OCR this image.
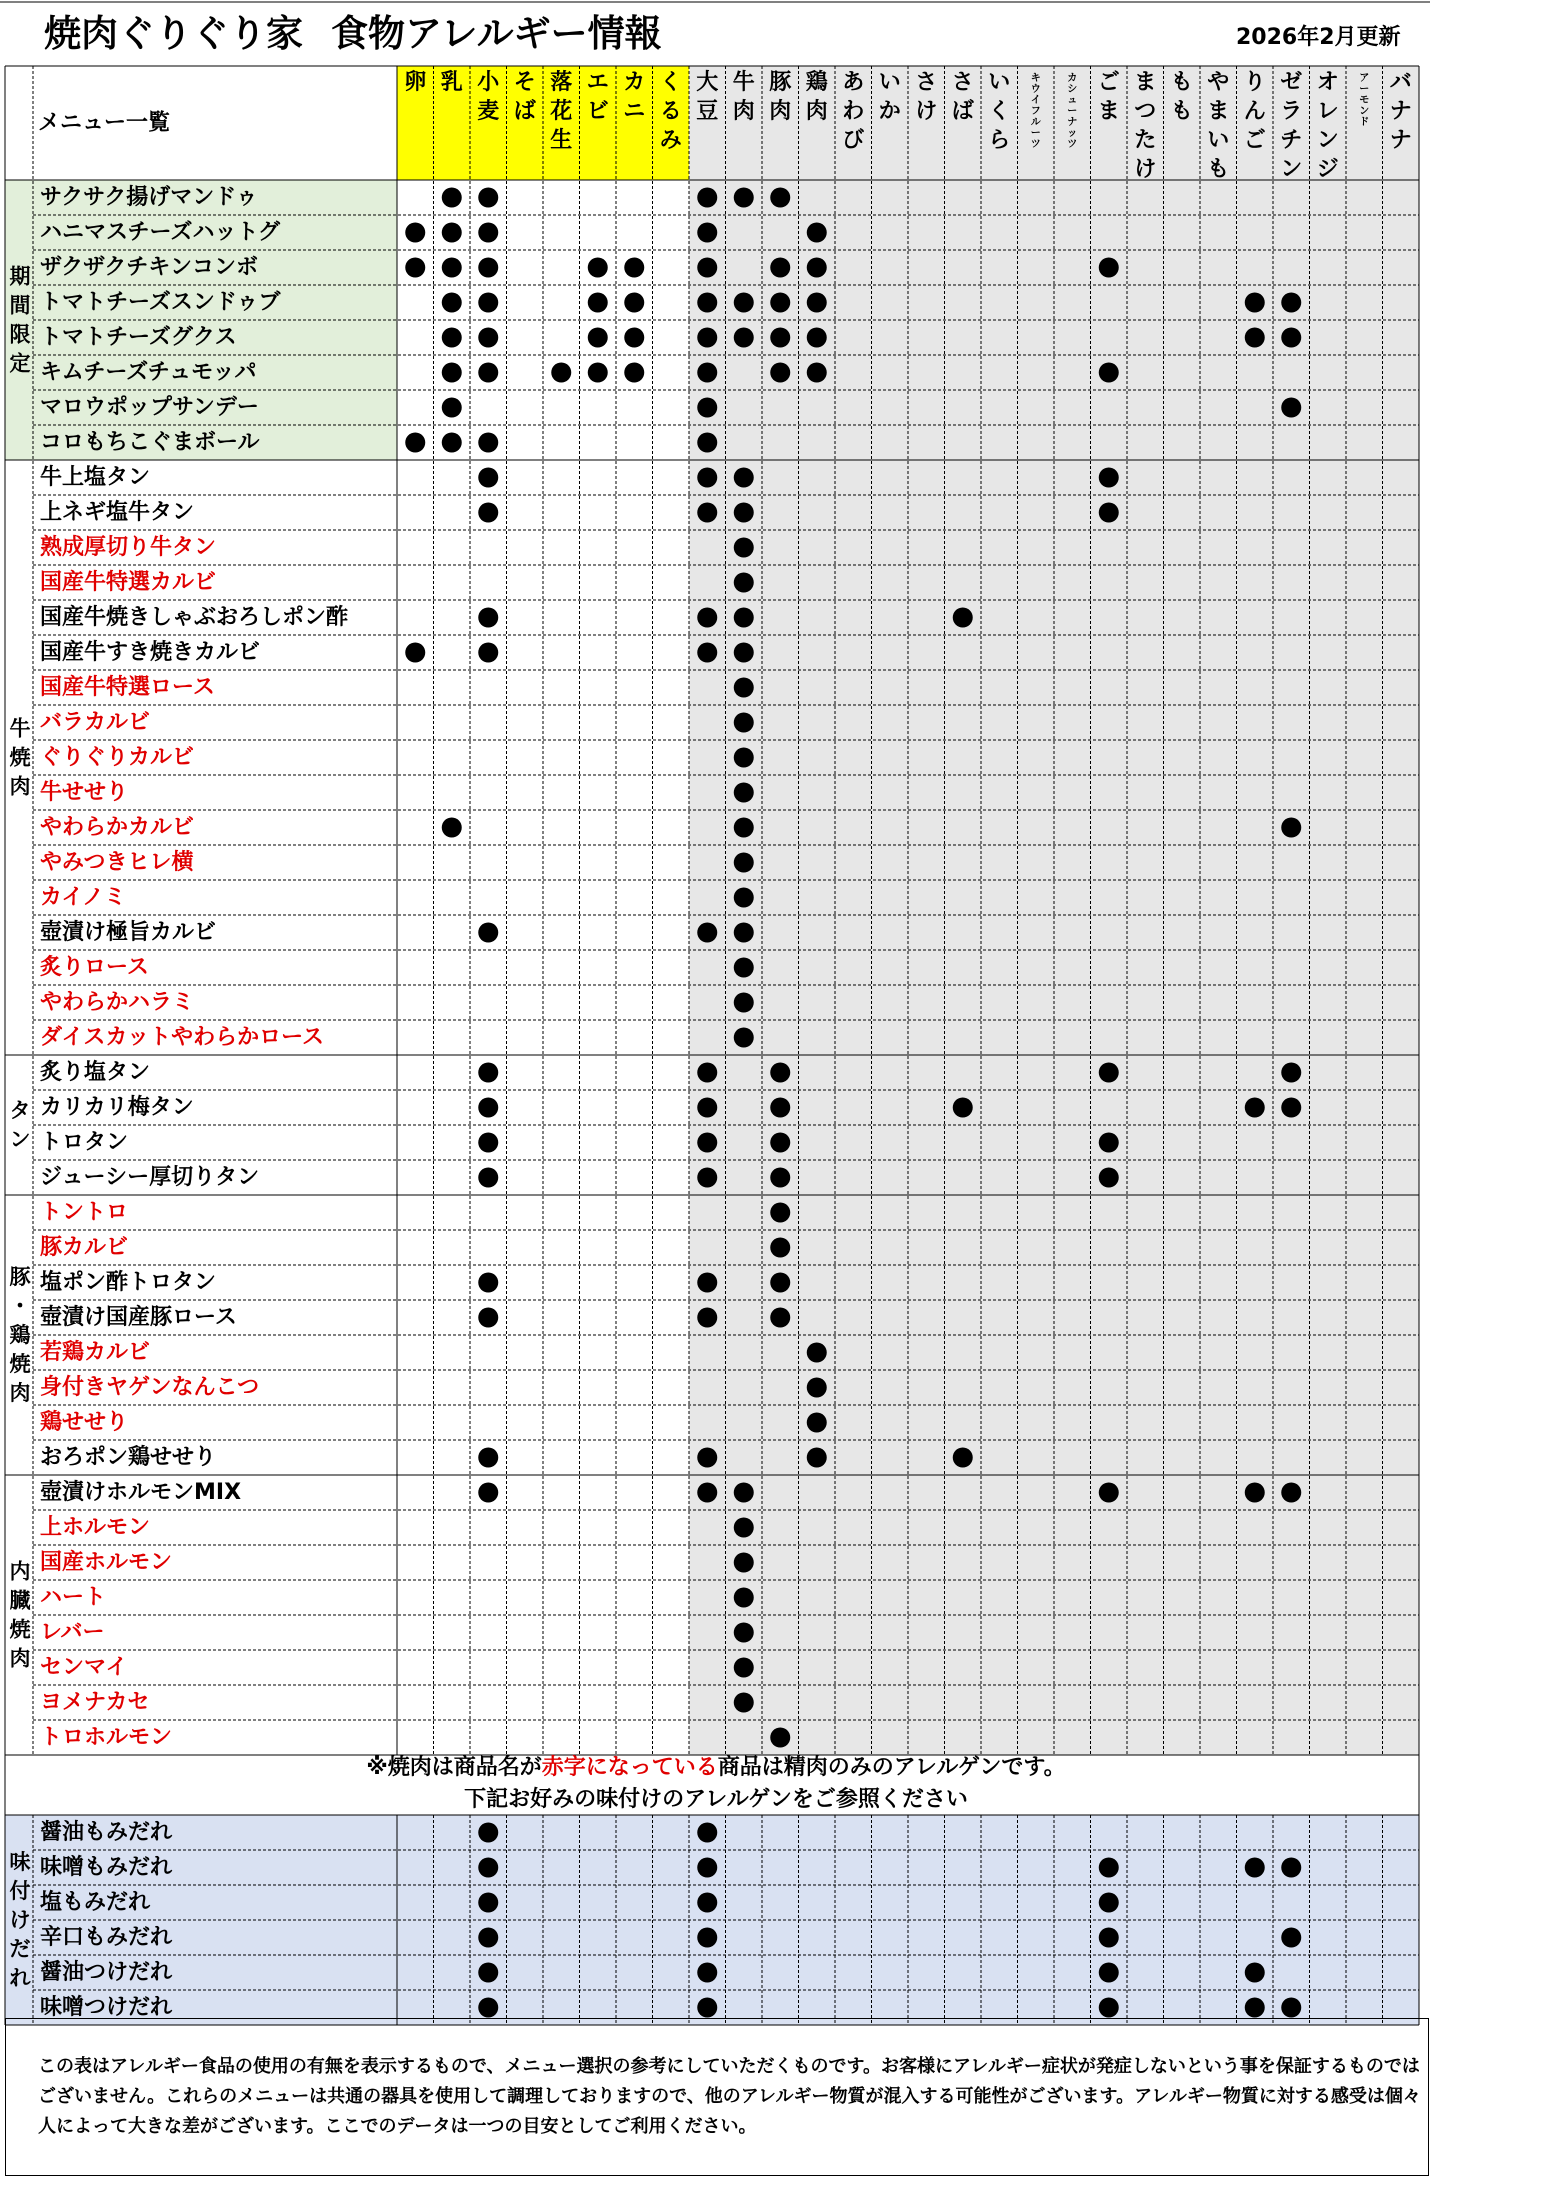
焼肉ぐりぐり家 食物アレルギー情報	2026年2月更新
メニュー一覧
卵 乳 小麦
そば
落花生
エビ
カニ
くるみ
大豆
牛肉
豚肉
鶏肉
あわび
いか
さけ
さば
いくら
キウイフルーツ
カシューナッツ
ごま
まつたけ
もも
やまいも
りんご
ゼラチン
オレンジ
アーモンド
バナナ
サクサク揚げマンドゥ
ハニマスチーズハットグ
ザクザクチキンコンボ
トマトチーズスンドゥブ
トマトチーズグクス
キムチーズチュモッパ
マロウポップサンデー
コロもちこぐまボール
牛上塩タン
上ネギ塩牛タン
熟成厚切り牛タン
国産牛特選カルビ
国産牛焼きしゃぶおろしポン酢
国産牛すき焼きカルビ
国産牛特選ロース
バラカルビ
ぐりぐりカルビ
牛せせり
やわらかカルビ
やみつきヒレ横
カイノミ
壺漬け極旨カルビ
炙りロース
やわらかハラミ
ダイスカットやわらかロース
炙り塩タン
カリカリ梅タン
トロタン
ジューシー厚切りタン
トントロ
豚カルビ
塩ポン酢トロタン
壺漬け国産豚ロース
若鶏カルビ
身付きヤゲンなんこつ
鶏せせり
おろポン鶏せせり
壺漬けホルモンMIX
上ホルモン
国産ホルモン
ハート
レバー
センマイ
ヨメナカセ
トロホルモン
醤油もみだれ
味噌もみだれ
塩もみだれ
辛口もみだれ
醤油つけだれ
味噌つけだれ
期間限定
牛焼肉
タン
豚・鶏焼肉
内臓焼肉
味付けだれ
※焼肉は商品名が赤字になっている商品は精肉のみのアレルゲンです。
下記お好みの味付けのアレルゲンをご参照ください
この表はアレルギー食品の使用の有無を表示するもので、メニュー選択の参考にしていただくものです。お客様にアレルギー症状が発症しないという事を保証するものではございません。これらのメニューは共通の器具を使用して調理しておりますので、他のアレルギー物質が混入する可能性がございます。アレルギー物質に対する感受は個々人によって大きな差がございます。ここでのデータは一つの目安としてご利用ください。
